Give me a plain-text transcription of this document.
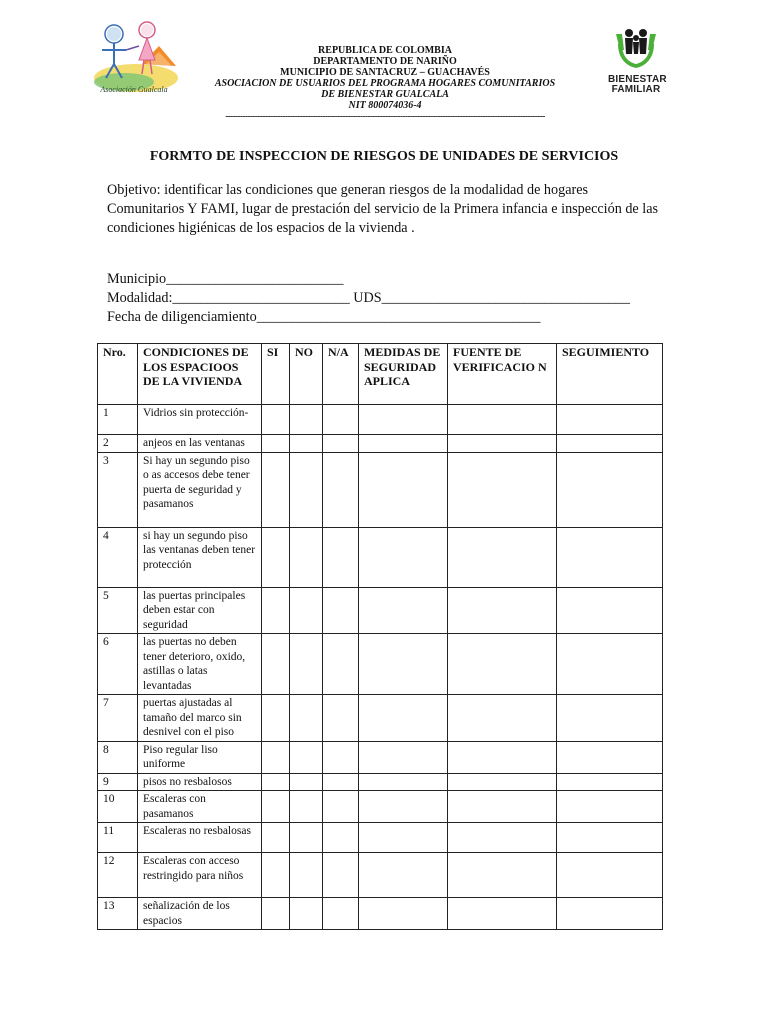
Asociación Gualcala
BIENESTAR
FAMILIAR
REPUBLICA DE COLOMBIA
DEPARTAMENTO DE NARIÑO
MUNICIPIO DE SANTACRUZ – GUACHAVÉS
ASOCIACION DE USUARIOS DEL PROGRAMA HOGARES COMUNITARIOS
DE BIENESTAR GUALCALA
NIT 800074036-4
--------------------------------------------------------------------------------------------------------------------------------
FORMTO DE INSPECCION DE RIESGOS DE UNIDADES DE SERVICIOS
Objetivo: identificar las condiciones que generan riesgos de la modalidad de hogares Comunitarios Y FAMI, lugar de prestación del servicio de la Primera infancia e inspección de las condiciones higiénicas de los espacios de la vivienda .
Municipio_________________________
Modalidad:_________________________ UDS___________________________________
Fecha de diligenciamiento________________________________________
Nro.	CONDICIONES DE LOS ESPACIOOS DE LA VIVIENDA	SI	NO	N/A	MEDIDAS DE SEGURIDAD APLICA	FUENTE DE VERIFICACIO N	SEGUIMIENTO
1	Vidrios sin protección-						
2	anjeos en las ventanas						
3	Si hay un segundo piso o as accesos debe tener puerta de seguridad y pasamanos						
4	si hay un segundo piso las ventanas deben tener protección						
5	las puertas principales deben estar con seguridad						
6	las puertas no deben tener deterioro, oxido, astillas o latas levantadas						
7	puertas ajustadas al tamaño del marco sin desnivel con el piso						
8	Piso regular liso uniforme						
9	pisos no resbalosos						
10	Escaleras con pasamanos						
11	Escaleras no resbalosas						
12	Escaleras con acceso restringido para niños						
13	señalización de los espacios						
